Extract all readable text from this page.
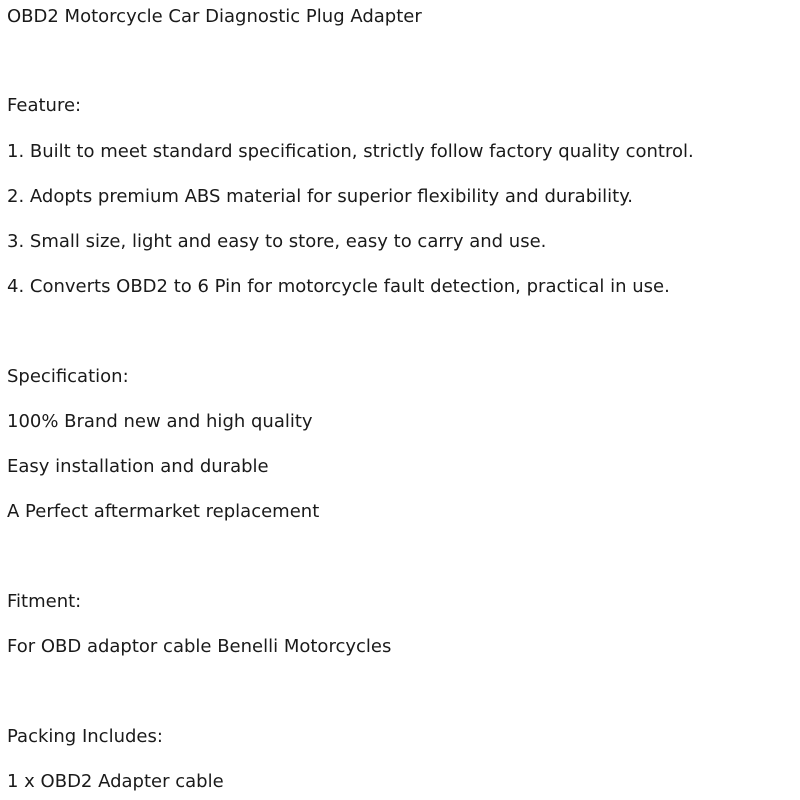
OBD2 Motorcycle Car Diagnostic Plug Adapter
Feature:
1. Built to meet standard specification, strictly follow factory quality control.
2. Adopts premium ABS material for superior flexibility and durability.
3. Small size, light and easy to store, easy to carry and use.
4. Converts OBD2 to 6 Pin for motorcycle fault detection, practical in use.
Specification:
100% Brand new and high quality
Easy installation and durable
A Perfect aftermarket replacement
Fitment:
For OBD adaptor cable Benelli Motorcycles
Packing Includes:
1 x OBD2 Adapter cable
